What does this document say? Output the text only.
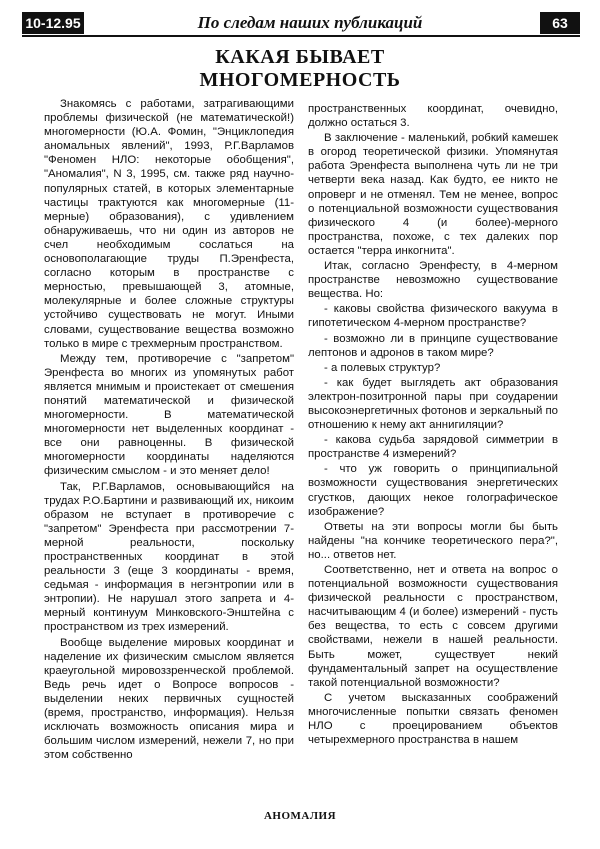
10-12.95	По следам наших публикаций	63
КАКАЯ БЫВАЕТ
МНОГОМЕРНОСТЬ

Знакомясь с работами, затрагивающими проблемы физической (не математической!) многомерности (Ю.А. Фомин, "Энциклопедия аномальных явлений", 1993, Р.Г.Варламов "Феномен НЛО: некоторые обобщения", "Аномалия", N 3, 1995, см. также ряд научно-популярных статей, в которых элементарные частицы трактуются как многомерные (11-мерные) образования), с удивлением обнаруживаешь, что ни один из авторов не счел необходимым сослаться на основополагающие труды П.Эренфеста, согласно которым в пространстве с мерностью, превышающей 3, атомные, молекулярные и более сложные структуры устойчиво существовать не могут. Иными словами, существование вещества возможно только в мире с трехмерным пространством.

Между тем, противоречие с "запретом" Эренфеста во многих из упомянутых работ является мнимым и проистекает от смешения понятий математической и физической многомерности. В математической многомерности нет выделенных координат - все они равноценны. В физической многомерности координаты наделяются физическим смыслом - и это меняет дело!

Так, Р.Г.Варламов, основывающийся на трудах Р.О.Бартини и развивающий их, никоим образом не вступает в противоречие с "запретом" Эренфеста при рассмотрении 7-мерной реальности, поскольку пространственных координат в этой реальности 3 (еще 3 координаты - время, седьмая - информация в негэнтропии или в энтропии). Не нарушал этого запрета и 4-мерный континуум Минковского-Энштейна с пространством из трех измерений.

Вообще выделение мировых координат и наделение их физическим смыслом является краеугольной мировоззренческой проблемой. Ведь речь идет о Вопросе вопросов - выделении неких первичных сущностей (время, пространство, информация). Нельзя исключать возможность описания мира и большим числом измерений, нежели 7, но при этом собственно

пространственных координат, очевидно, должно остаться 3.

В заключение - маленький, робкий камешек в огород теоретической физики. Упомянутая работа Эренфеста выполнена чуть ли не три четверти века назад. Как будто, ее никто не опроверг и не отменял. Тем не менее, вопрос о потенциальной возможности существования физического 4 (и более)-мерного пространства, похоже, с тех далеких пор остается "терра инкогнита".

Итак, согласно Эренфесту, в 4-мерном пространстве невозможно существование вещества. Но:

- каковы свойства физического вакуума в гипотетическом 4-мерном пространстве?

- возможно ли в принципе существование лептонов и адронов в таком мире?

- а полевых структур?

- как будет выглядеть акт образования электрон-позитронной пары при соударении высокоэнергетичных фотонов и зеркальный по отношению к нему акт аннигиляции?

- какова судьба зарядовой симметрии в пространстве 4 измерений?

- что уж говорить о принципиальной возможности существования энергетических сгустков, дающих некое голографическое изображение?

Ответы на эти вопросы могли бы быть найдены "на кончике теоретического пера?", но... ответов нет.

Соответственно, нет и ответа на вопрос о потенциальной возможности существования физической реальности с пространством, насчитывающим 4 (и более) измерений - пусть без вещества, то есть с совсем другими свойствами, нежели в нашей реальности. Быть может, существует некий фундаментальный запрет на осуществление такой потенциальной возможности?

С учетом высказанных соображений многочисленные попытки связать феномен НЛО с проецированием объектов четырехмерного пространства в нашем

АНОМАЛИЯ
